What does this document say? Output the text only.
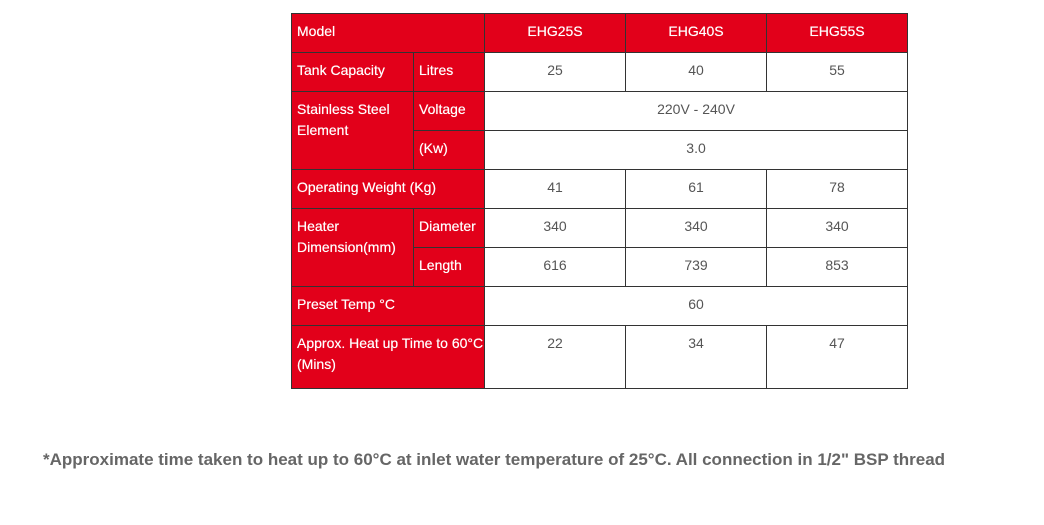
Model		EHG25S	EHG40S	EHG55S
Tank Capacity	Litres	25	40	55
Stainless Steel Element	Voltage	220V - 240V		
	(Kw)	3.0		
Operating Weight (Kg)		41	61	78
Heater Dimension(mm)	Diameter	340	340	340
	Length	616	739	853
Preset Temp °C		60		
Approx. Heat up Time to 60°C (Mins)		22	34	47
*Approximate time taken to heat up to 60°C at inlet water temperature of 25°C. All connection in 1/2" BSP thread
